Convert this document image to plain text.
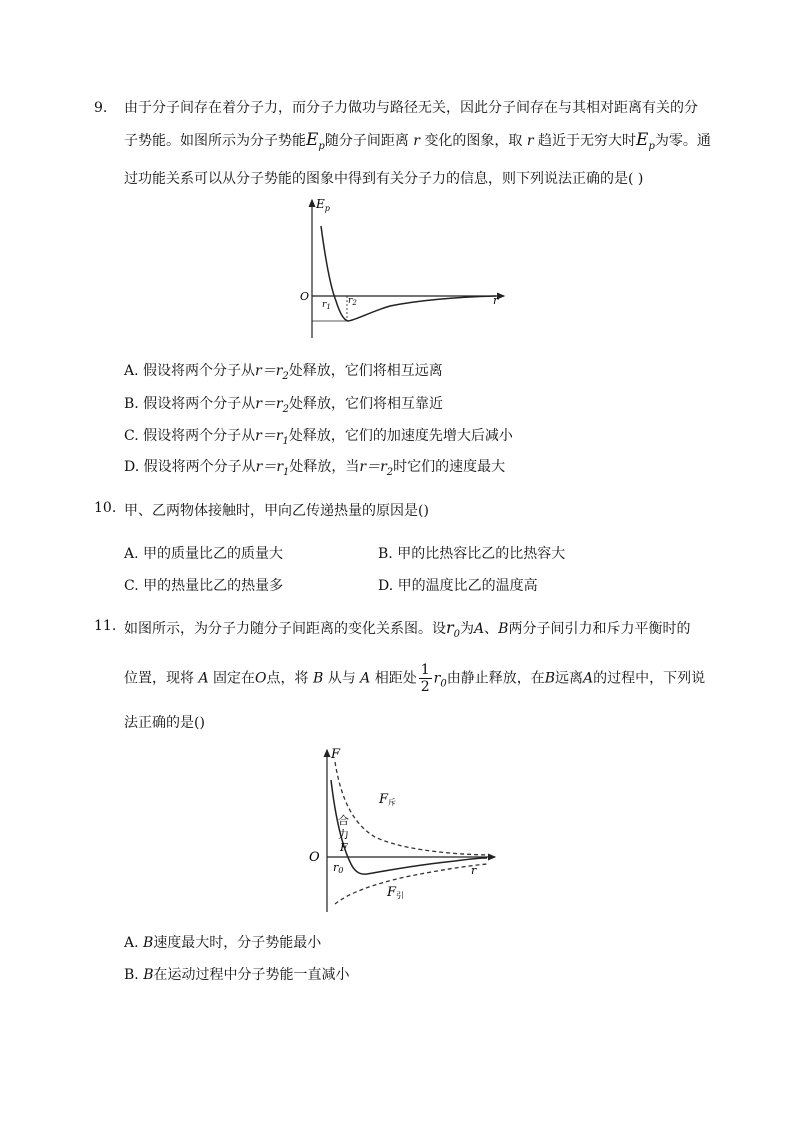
9. 由于分子间存在着分子力，而分子力做功与路径无关，因此分子间存在与其相对距离有关的分
子势能。如图所示为分子势能$E_p$随分子间距离 r 变化的图象，取 r 趋近于无穷大时$E_p$为零。通
过功能关系可以从分子势能的图象中得到有关分子力的信息，则下列说法正确的是( )
$E_p$
O	r
$r_1$
$r_2$
A. 假设将两个分子从$r=r_2$处释放，它们将相互远离
B. 假设将两个分子从$r=r_2$处释放，它们将相互靠近
C. 假设将两个分子从$r=r_1$处释放，它们的加速度先增大后减小
D. 假设将两个分子从$r=r_1$处释放，当$r=r_2$时它们的速度最大
10. 甲、乙两物体接触时，甲向乙传递热量的原因是()
A. 甲的质量比乙的质量大	B. 甲的比热容比乙的比热容大
C. 甲的热量比乙的热量多	D. 甲的温度比乙的温度高
11. 如图所示，为分子力随分子间距离的变化关系图。设$r_0$为A、B两分子间引力和斥力平衡时的
位置，现将 A 固定在O点，将 B 从与 A 相距处 $\frac{1}{2} r_0$由静止释放，在B远离A的过程中，下列说
法正确的是()
F
O
r
r0
F斥
F引
合
力
F
A. B速度最大时，分子势能最小
B. B在运动过程中分子势能一直减小
